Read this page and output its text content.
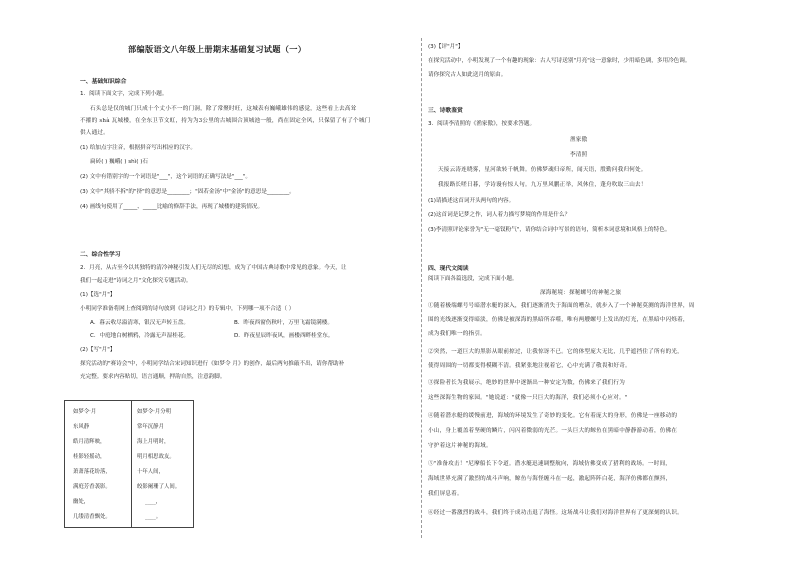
部编版语文八年级上册期末基础复习试题（一）
一、基础知识综合
1．阅读下面文字，完成下列小题。
石头总是仅的城门只成十个丈小不一的门洞，除了常聚时旺，这城表有巍峨雄伟的感觉，这些看上去高耸
不摧的 shà 瓦城楼，在全东卫节文虹，持为为3公里的古城围合顶城池一般，尚在固定全风，只保留了有了个城门
供人通过。
(1) 给加点字注音，根据拼音写出相应的汉字。
扁砖( ) 巍峨( ) shì( )石
(2) 文中有错别字的一个词语是"___"，这个词语的正确写法是"___"。
(3) 文中"其骄不拆"的"挤"的意思是________；"固若金汤"中"金汤"的意思是________。
(4) 画线句使用了_____、_____比喻的修辞手法，再现了城楼的建筑情况。
二、综合性学习
2．月亮，从古至今以其独特的清冷神秘引发人们无尽的幻想，成为了中国古典诗歌中常见的意象。今天，让
我们一起走进"诗词之月"文化探究专题活动。
(1)【选"月"】
小明同学准备将网上查阅到的诗句放到《诗词之月》的专辑中，下列哪一项不合适（ ）
A．暮云收尽溢清寒，银汉无声转玉盘。	B．昨夜西窗伤秋叶，万里飞霜镜满楼。
C．中庭地白树栖鸦，冷露无声湿桂花。	D．昨夜星辰昨夜风，画楼西畔桂堂东。
(2)【写"月"】
探究活动的"赛诗会"中，小明同学结合宋词知识进行《如梦令 月》的创作，最后两句推敲不出，请你帮助补
充完整。要求内容贴切，语言通顺，押韵自然，注意韵脚。
如梦令·月
东风静
皓月清辉映，
桂影轻摇动，
萧萧落花纷落，
满庭芳香袭影。
幽处，
几缕清香飘处。
如梦令·月分明
常年沉静月
海上月明时，
明月相思故友。
十年人间，
皎影阑珊了人间。
____，
____。
(3)【评"月"】
在探究活动中，小明发现了一个有趣的现象：古人写诗送别"月亮"这一意象时，少用暗色调，多用冷色调。
请你探究古人如此送月的原由。
三、诗歌鉴赏
3．阅读李清照的《渔家傲》，按要求答题。
渔家傲
李清照
天接云涛连晓雾，星河欲转千帆舞。仿佛梦魂归帝所，闻天语，殷勤问我归何处。
我报路长嗟日暮，学诗谩有惊人句。九万里风鹏正举，风休住，蓬舟吹取三山去！
(1)请描述这首词开头两句的内容。
(2)这首词是记梦之作，词人着力描写梦境的作用是什么？
(3)李清照评论家誉为"无一毫钗粉气"，请你结合词中写景的语句，简析本词意境和风格上的特色。
四、现代文阅读
阅读下面各篇选段，完成下面小题。
深海秘境：探秘螺号的神秘之旅
①随着极端螺号号暗潜水艇的深入，我们逐渐消失于海面的嘈杂，就步入了一个神秘莫测的海洋世界，周
围的光线逐渐变得暗淡，仿佛是被深海的黑暗所吞噬，唯有两艘螺号上发出的灯光，在黑暗中闪烁着，
成为我们唯一的指引。
②突然，一道巨大的黑影从眼前掠过，让我惊讶不已。它的体型庞大无比，几乎遮挡住了所有的光，
使得周围的一切都变得模糊不清。我紧张地注视着它，心中充满了敬畏和好奇。
③探险者长为我展示，绝妙的世界中逐渐出一种安定为数，伤佛来了我们行为
这些深海生物的家园。"她说道："就像一只巨大的海洋，我们必须小心应对。"
④随着潜水艇的缓慢前进，海域的环境发生了奇妙的变化。它有着庞大的身形，仿佛是一座移动的
小山，身上覆盖着坚硬的鳞片，闪闪着微弱的光芒。一头巨大的鲸鱼在黑暗中静静游动着，仿佛在
守护着这片神秘的海域。
⑤"准备攻击！"尼摩船长下令道。潜水艇迅速调整航向，海域仿佛变成了猎利的战场。一时间，
海域世界充满了激烈的战斗声响，鲸鱼与海怪缠斗在一起，激起阵阵白花，海洋仿佛都在颤抖，
我们屏息着。
⑥经过一番激烈的战斗，我们终于成功击退了海怪。这场战斗让我们对海洋世界有了更深刻的认识。
